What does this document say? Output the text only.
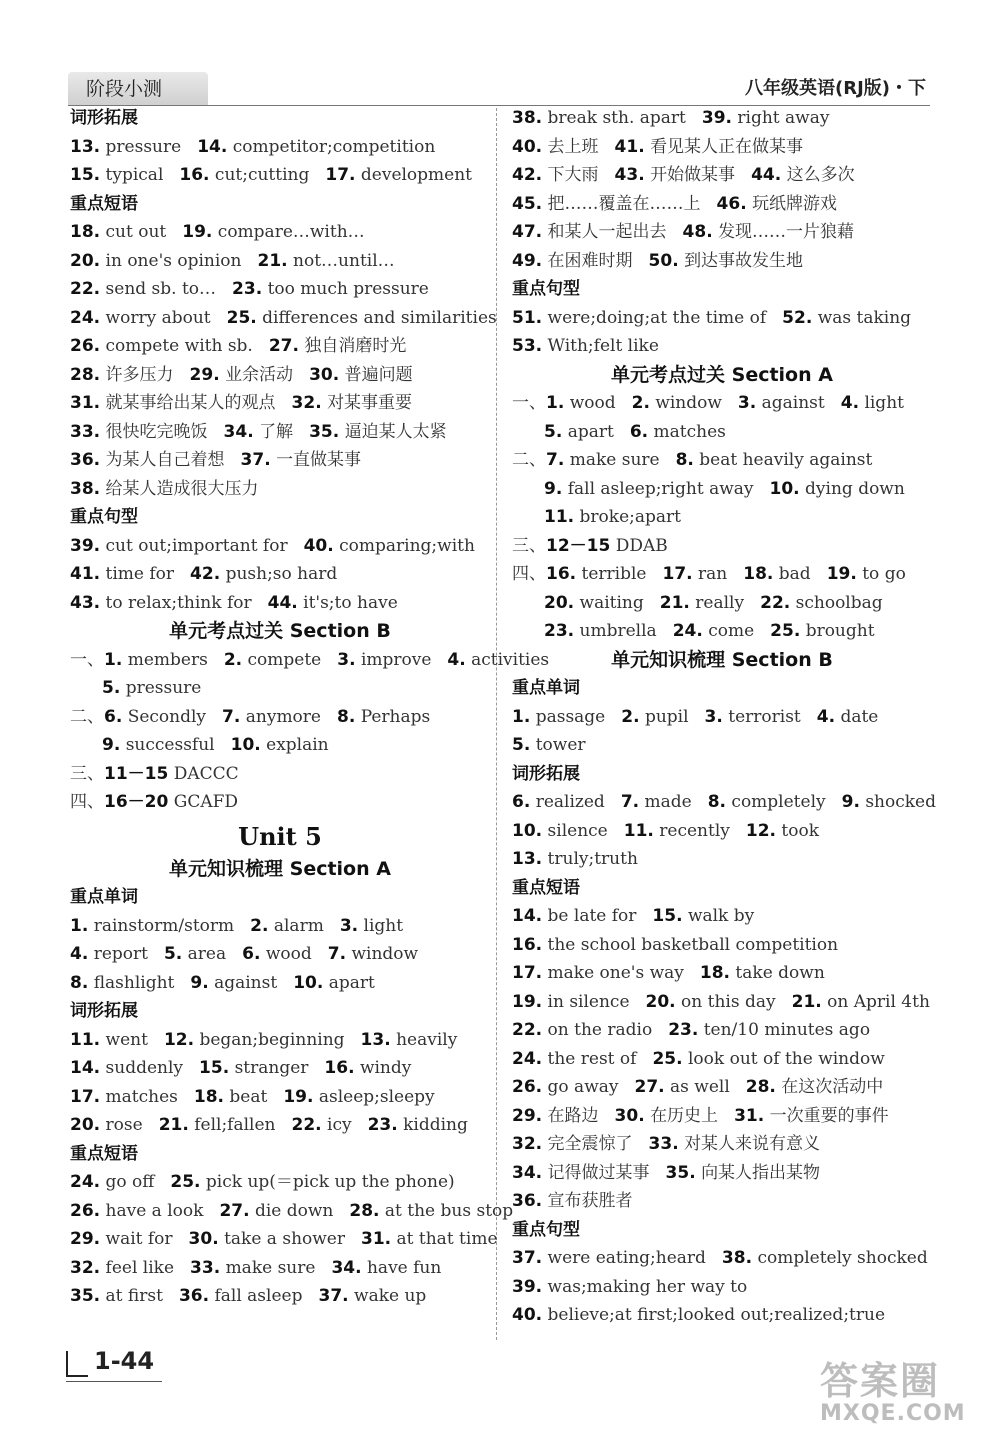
阶段小测	八年级英语(RJ版)・下
词形拓展
13. pressure 14. competitor;competition
15. typical 16. cut;cutting 17. development
重点短语
18. cut out 19. compare…with…
20. in one's opinion 21. not…until…
22. send sb. to… 23. too much pressure
24. worry about 25. differences and similarities
26. compete with sb. 27. 独自消磨时光
28. 许多压力 29. 业余活动 30. 普遍问题
31. 就某事给出某人的观点 32. 对某事重要
33. 很快吃完晚饭 34. 了解 35. 逼迫某人太紧
36. 为某人自己着想 37. 一直做某事
38. 给某人造成很大压力
重点句型
39. cut out;important for 40. comparing;with
41. time for 42. push;so hard
43. to relax;think for 44. it's;to have
单元考点过关 Section B
一、1. members 2. compete 3. improve 4. activities
5. pressure
二、6. Secondly 7. anymore 8. Perhaps
9. successful 10. explain
三、11－15 DACCC
四、16－20 GCAFD
Unit 5
单元知识梳理 Section A
重点单词
1. rainstorm/storm 2. alarm 3. light
4. report 5. area 6. wood 7. window
8. flashlight 9. against 10. apart
词形拓展
11. went 12. began;beginning 13. heavily
14. suddenly 15. stranger 16. windy
17. matches 18. beat 19. asleep;sleepy
20. rose 21. fell;fallen 22. icy 23. kidding
重点短语
24. go off 25. pick up(＝pick up the phone)
26. have a look 27. die down 28. at the bus stop
29. wait for 30. take a shower 31. at that time
32. feel like 33. make sure 34. have fun
35. at first 36. fall asleep 37. wake up
38. break sth. apart 39. right away
40. 去上班 41. 看见某人正在做某事
42. 下大雨 43. 开始做某事 44. 这么多次
45. 把……覆盖在……上 46. 玩纸牌游戏
47. 和某人一起出去 48. 发现……一片狼藉
49. 在困难时期 50. 到达事故发生地
重点句型
51. were;doing;at the time of 52. was taking
53. With;felt like
单元考点过关 Section A
一、1. wood 2. window 3. against 4. light
5. apart 6. matches
二、7. make sure 8. beat heavily against
9. fall asleep;right away 10. dying down
11. broke;apart
三、12－15 DDAB
四、16. terrible 17. ran 18. bad 19. to go
20. waiting 21. really 22. schoolbag
23. umbrella 24. come 25. brought
单元知识梳理 Section B
重点单词
1. passage 2. pupil 3. terrorist 4. date
5. tower
词形拓展
6. realized 7. made 8. completely 9. shocked
10. silence 11. recently 12. took
13. truly;truth
重点短语
14. be late for 15. walk by
16. the school basketball competition
17. make one's way 18. take down
19. in silence 20. on this day 21. on April 4th
22. on the radio 23. ten/10 minutes ago
24. the rest of 25. look out of the window
26. go away 27. as well 28. 在这次活动中
29. 在路边 30. 在历史上 31. 一次重要的事件
32. 完全震惊了 33. 对某人来说有意义
34. 记得做过某事 35. 向某人指出某物
36. 宣布获胜者
重点句型
37. were eating;heard 38. completely shocked
39. was;making her way to
40. believe;at first;looked out;realized;true
1-44	答案圈
MXQE.COM
